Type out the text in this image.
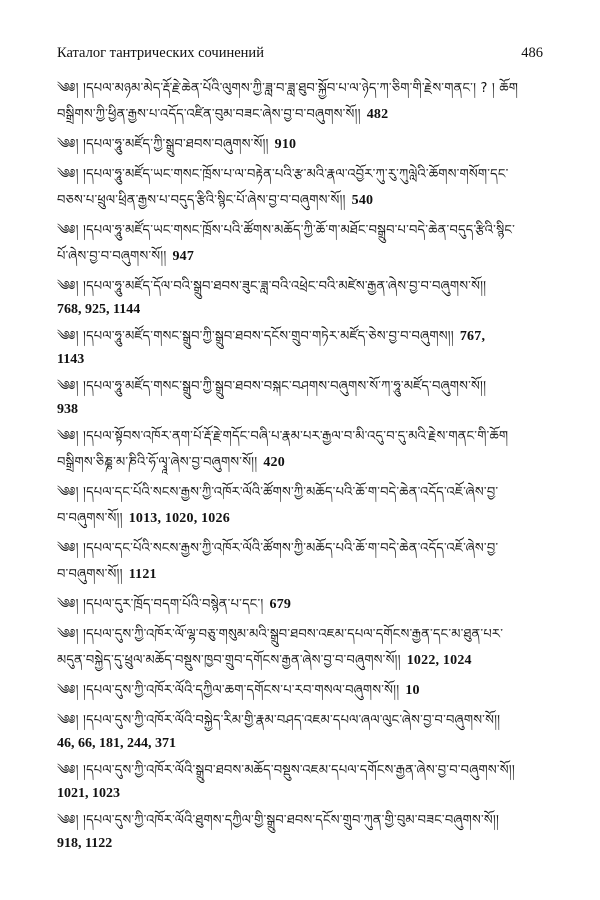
Каталог тантрических сочинений	486
༄༅། །དཔལ་མཉམ་མེད་རྡོ་རྗེ་ཆེན་པོའི་ལུགས་ཀྱི་ཟླ་བ་ཟླ་ཐུབ་སྐྱོབ་པ་ལ་ཉེད་ཀ་ཅིག་གི་རྗེས་གནང་། ? ། ཆོག
བསྒྲིགས་ཀྱི་ཕྱིན་རྒྱས་པ་འདོད་འཛིན་བུམ་བཟང་ཞེས་བྱ་བ་བཞུགས་སོ།། 482
༄༅། །དཔལ་ཧཱུ་མཛོད་ཀྱི་སྒྲུབ་ཐབས་བཞུགས་སོ།། 910
༄༅། །དཔལ་ཧཱུ་མཛོད་ཡང་གསང་ཁྲོས་པ་ལ་བརྟེན་པའི་རྩ་མའི་རྣལ་འབྱོར་ཀུ་རུ་ཀུལླེའི་ཆོགས་གསོག་དང་
བཅས་པ་ཕྲུལ་ཕྲིན་རྒྱས་པ་བདུད་རྩིའི་སྙིང་པོ་ཞེས་བྱ་བ་བཞུགས་སོ།། 540
༄༅། །དཔལ་ཧཱུ་མཛོད་ཡང་གསང་ཁྲོས་པའི་ཚོགས་མཆོད་ཀྱི་ཆོ་ག་མཐོང་བསྒྲུབ་པ་བདེ་ཆེན་བདུད་རྩིའི་སྙིང་
པོ་ཞེས་བྱ་བ་བཞུགས་སོ།། 947
༄༅། །དཔལ་ཧཱུ་མཛོད་དོལ་བའི་སྒྲུབ་ཐབས་ཟུང་ཟླ་བའི་འཕྲེང་བའི་མཛེས་རྒྱན་ཞེས་བྱ་བ་བཞུགས་སོ།།
768, 925, 1144
༄༅། །དཔལ་ཧཱུ་མཛོད་གསང་སྒྲུབ་ཀྱི་སྒྲུབ་ཐབས་དངོས་གྲུབ་གཏེར་མཛོད་ཅེས་བྱ་བ་བཞུགས།། 767,
1143
༄༅། །དཔལ་ཧཱུ་མཛོད་གསང་སྒྲུབ་ཀྱི་སྒྲུབ་ཐབས་བསྐང་བཤགས་བཞུགས་སོ་ཀ་ཧཱུ་མཛོད་བཞུགས་སོ།།
938
༄༅། །དཔལ་སྟོབས་འཁོར་ནག་པོ་རྡོ་རྗེ་གདོང་བཞི་པ་རྣམ་པར་རྒྱལ་བ་མི་འདུ་བ་དུ་མའི་རྗེས་གནང་གི་ཆོག
བསྒྲིགས་ཅིཎྞ་མ་ཎིའི་ཧོ་ལྭཱ་ཞེས་བྱ་བཞུགས་སོ།། 420
༄༅། །དཔལ་དང་པོའི་སངས་རྒྱས་ཀྱི་འཁོར་ལོའི་ཚོགས་ཀྱི་མཆོད་པའི་ཆོ་ག་བདེ་ཆེན་འདོད་འཇོ་ཞེས་བྱ་
བ་བཞུགས་སོ།། 1013, 1020, 1026
༄༅། །དཔལ་དང་པོའི་སངས་རྒྱས་ཀྱི་འཁོར་ལོའི་ཚོགས་ཀྱི་མཆོད་པའི་ཆོ་ག་བདེ་ཆེན་འདོད་འཇོ་ཞེས་བྱ་
བ་བཞུགས་སོ།། 1121
༄༅། །དཔལ་དུར་ཁྲོད་བདག་པོའི་བསྙེན་པ་དང་། 679
༄༅། །དཔལ་དུས་ཀྱི་འཁོར་ལོ་ལྷ་བཅུ་གསུམ་མའི་སྒྲུབ་ཐབས་འཇམ་དཔལ་དགོངས་རྒྱན་དང་མ་ཐུན་པར་
མདུན་བསྐྱེད་དུ་ཕྲུལ་མཆོད་བསྡུས་ཁྱབ་གྲུབ་དགོངས་རྒྱན་ཞེས་བྱ་བ་བཞུགས་སོ།། 1022, 1024
༄༅། །དཔལ་དུས་ཀྱི་འཁོར་ལོའི་དཀྱིལ་ཆག་དགོངས་པ་རབ་གསལ་བཞུགས་སོ།། 10
༄༅། །དཔལ་དུས་ཀྱི་འཁོར་ལོའི་བསྐྱེད་རིམ་གྱི་རྣམ་བཤད་འཇམ་དཔལ་ཞལ་ལུང་ཞེས་བྱ་བ་བཞུགས་སོ།།
46, 66, 181, 244, 371
༄༅། །དཔལ་དུས་ཀྱི་འཁོར་ལོའི་སྒྲུབ་ཐབས་མཆོད་བསྡུས་འཇམ་དཔལ་དགོངས་རྒྱན་ཞེས་བྱ་བ་བཞུགས་སོ།།
1021, 1023
༄༅། །དཔལ་དུས་ཀྱི་འཁོར་ལོའི་ཐུགས་དཀྱིལ་གྱི་སྒྲུབ་ཐབས་དངོས་གྲུབ་ཀུན་གྱི་བུམ་བཟང་བཞུགས་སོ།།
918, 1122
